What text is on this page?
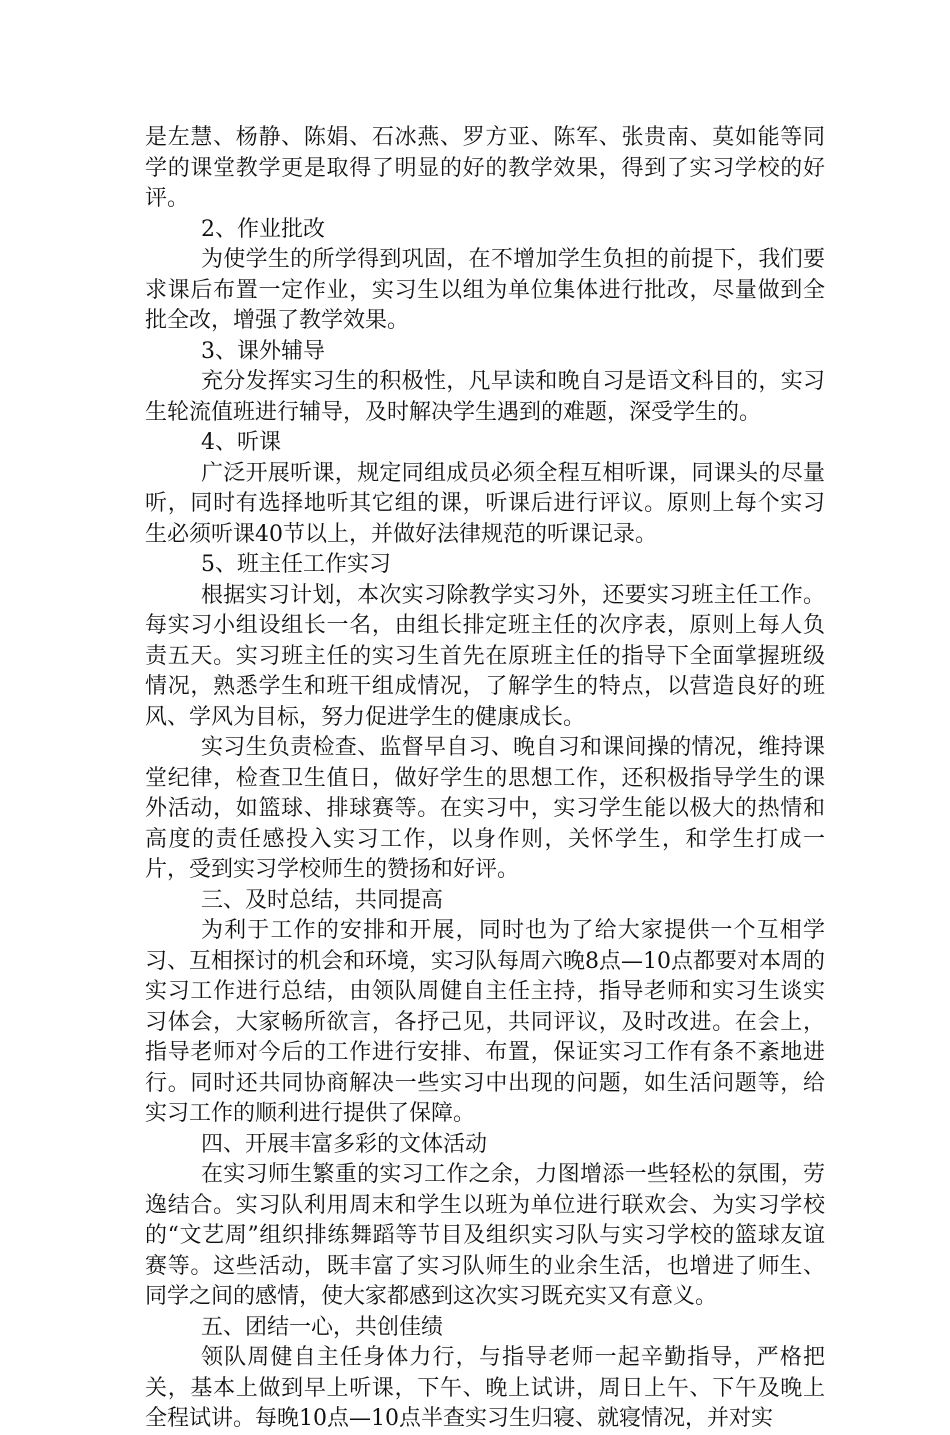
是左慧、杨静、陈娟、石冰燕、罗方亚、陈军、张贵南、莫如能等同学的课堂教学更是取得了明显的好的教学效果，得到了实习学校的好评。

2、作业批改

为使学生的所学得到巩固，在不增加学生负担的前提下，我们要求课后布置一定作业，实习生以组为单位集体进行批改，尽量做到全批全改，增强了教学效果。

3、课外辅导

充分发挥实习生的积极性，凡早读和晚自习是语文科目的，实习生轮流值班进行辅导，及时解决学生遇到的难题，深受学生的。

4、听课

广泛开展听课，规定同组成员必须全程互相听课，同课头的尽量听，同时有选择地听其它组的课，听课后进行评议。原则上每个实习生必须听课40节以上，并做好法律规范的听课记录。

5、班主任工作实习

根据实习计划，本次实习除教学实习外，还要实习班主任工作。每实习小组设组长一名，由组长排定班主任的次序表，原则上每人负责五天。实习班主任的实习生首先在原班主任的指导下全面掌握班级情况，熟悉学生和班干组成情况，了解学生的特点，以营造良好的班风、学风为目标，努力促进学生的健康成长。

实习生负责检查、监督早自习、晚自习和课间操的情况，维持课堂纪律，检查卫生值日，做好学生的思想工作，还积极指导学生的课外活动，如篮球、排球赛等。在实习中，实习学生能以极大的热情和高度的责任感投入实习工作，以身作则，关怀学生，和学生打成一片，受到实习学校师生的赞扬和好评。

三、及时总结，共同提高

为利于工作的安排和开展，同时也为了给大家提供一个互相学习、互相探讨的机会和环境，实习队每周六晚8点—10点都要对本周的实习工作进行总结，由领队周健自主任主持，指导老师和实习生谈实习体会，大家畅所欲言，各抒己见，共同评议，及时改进。在会上，指导老师对今后的工作进行安排、布置，保证实习工作有条不紊地进行。同时还共同协商解决一些实习中出现的问题，如生活问题等，给实习工作的顺利进行提供了保障。

四、开展丰富多彩的文体活动

在实习师生繁重的实习工作之余，力图增添一些轻松的氛围，劳逸结合。实习队利用周末和学生以班为单位进行联欢会、为实习学校的“文艺周”组织排练舞蹈等节目及组织实习队与实习学校的篮球友谊赛等。这些活动，既丰富了实习队师生的业余生活，也增进了师生、同学之间的感情，使大家都感到这次实习既充实又有意义。

五、团结一心，共创佳绩

领队周健自主任身体力行，与指导老师一起辛勤指导，严格把关，基本上做到早上听课，下午、晚上试讲，周日上午、下午及晚上全程试讲。每晚10点—10点半查实习生归寝、就寝情况，并对实
